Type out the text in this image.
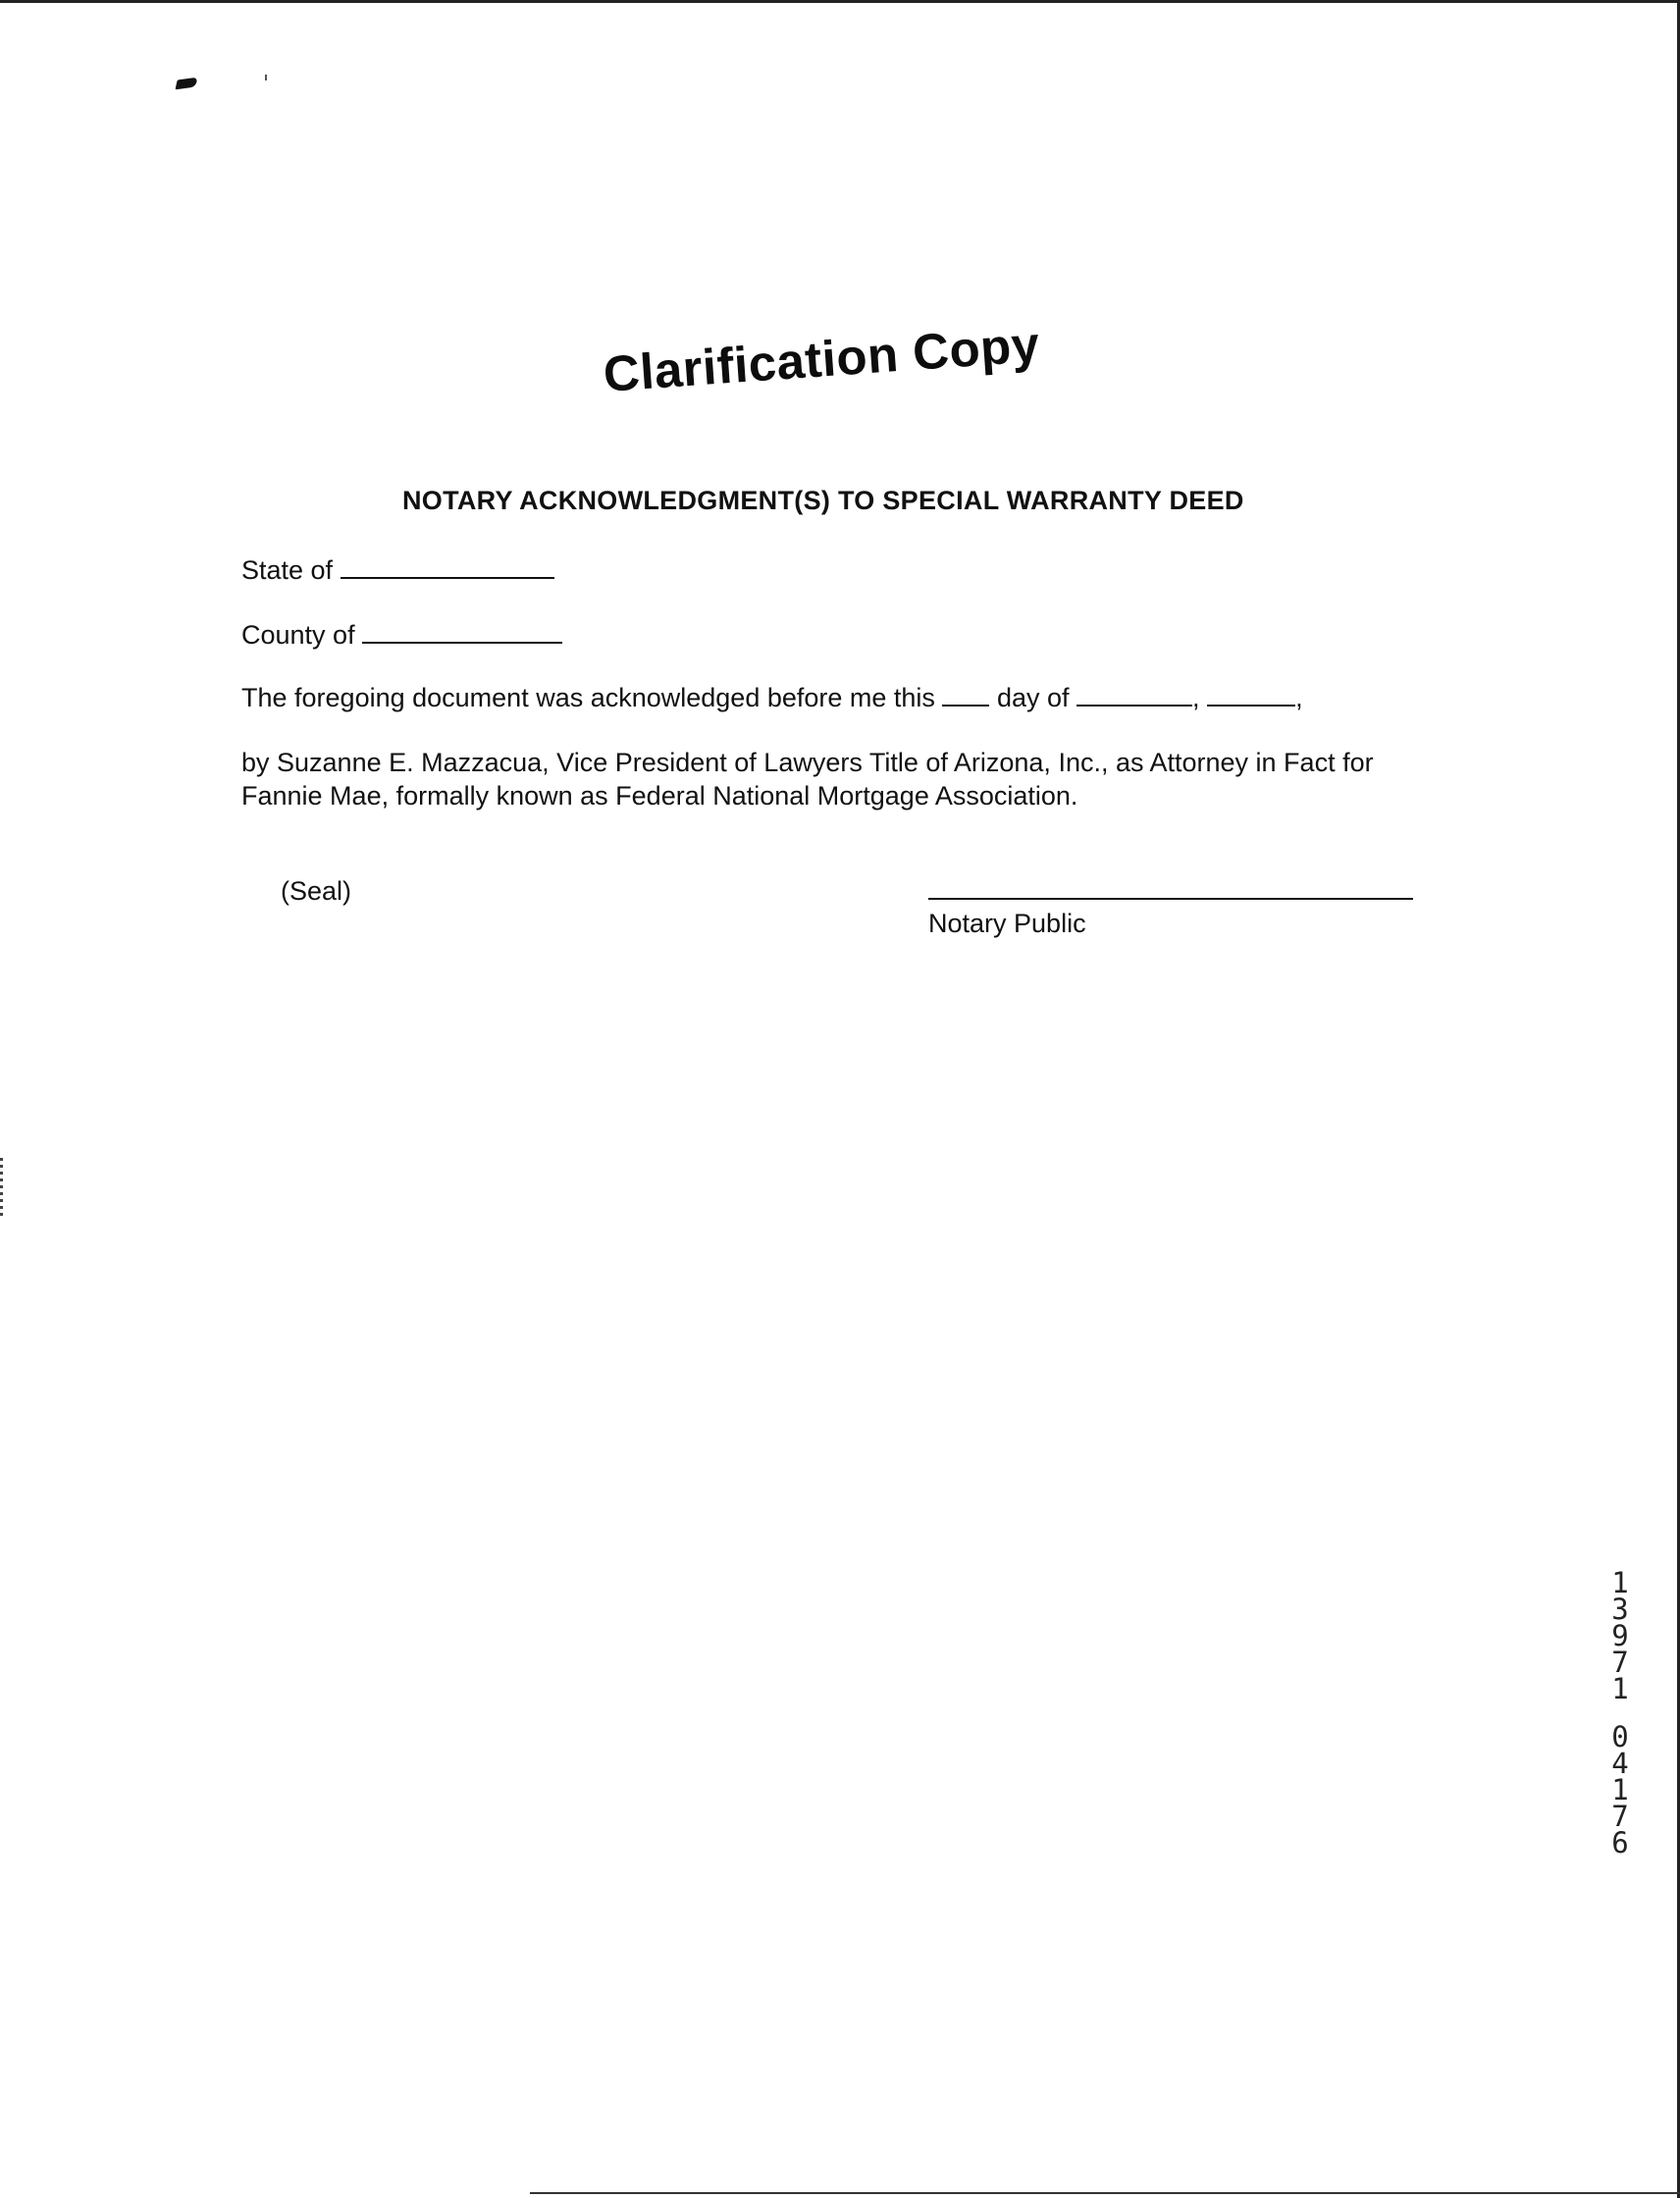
Clarification Copy
NOTARY ACKNOWLEDGMENT(S) TO SPECIAL WARRANTY DEED
State of
County of
The foregoing document was acknowledged before me this day of	,	,
by Suzanne E. Mazzacua, Vice President of Lawyers Title of Arizona, Inc., as Attorney in Fact for Fannie Mae, formally known as Federal National Mortgage Association.
(Seal)
Notary Public
1
3
9
7
1
0
4
1
7
6
